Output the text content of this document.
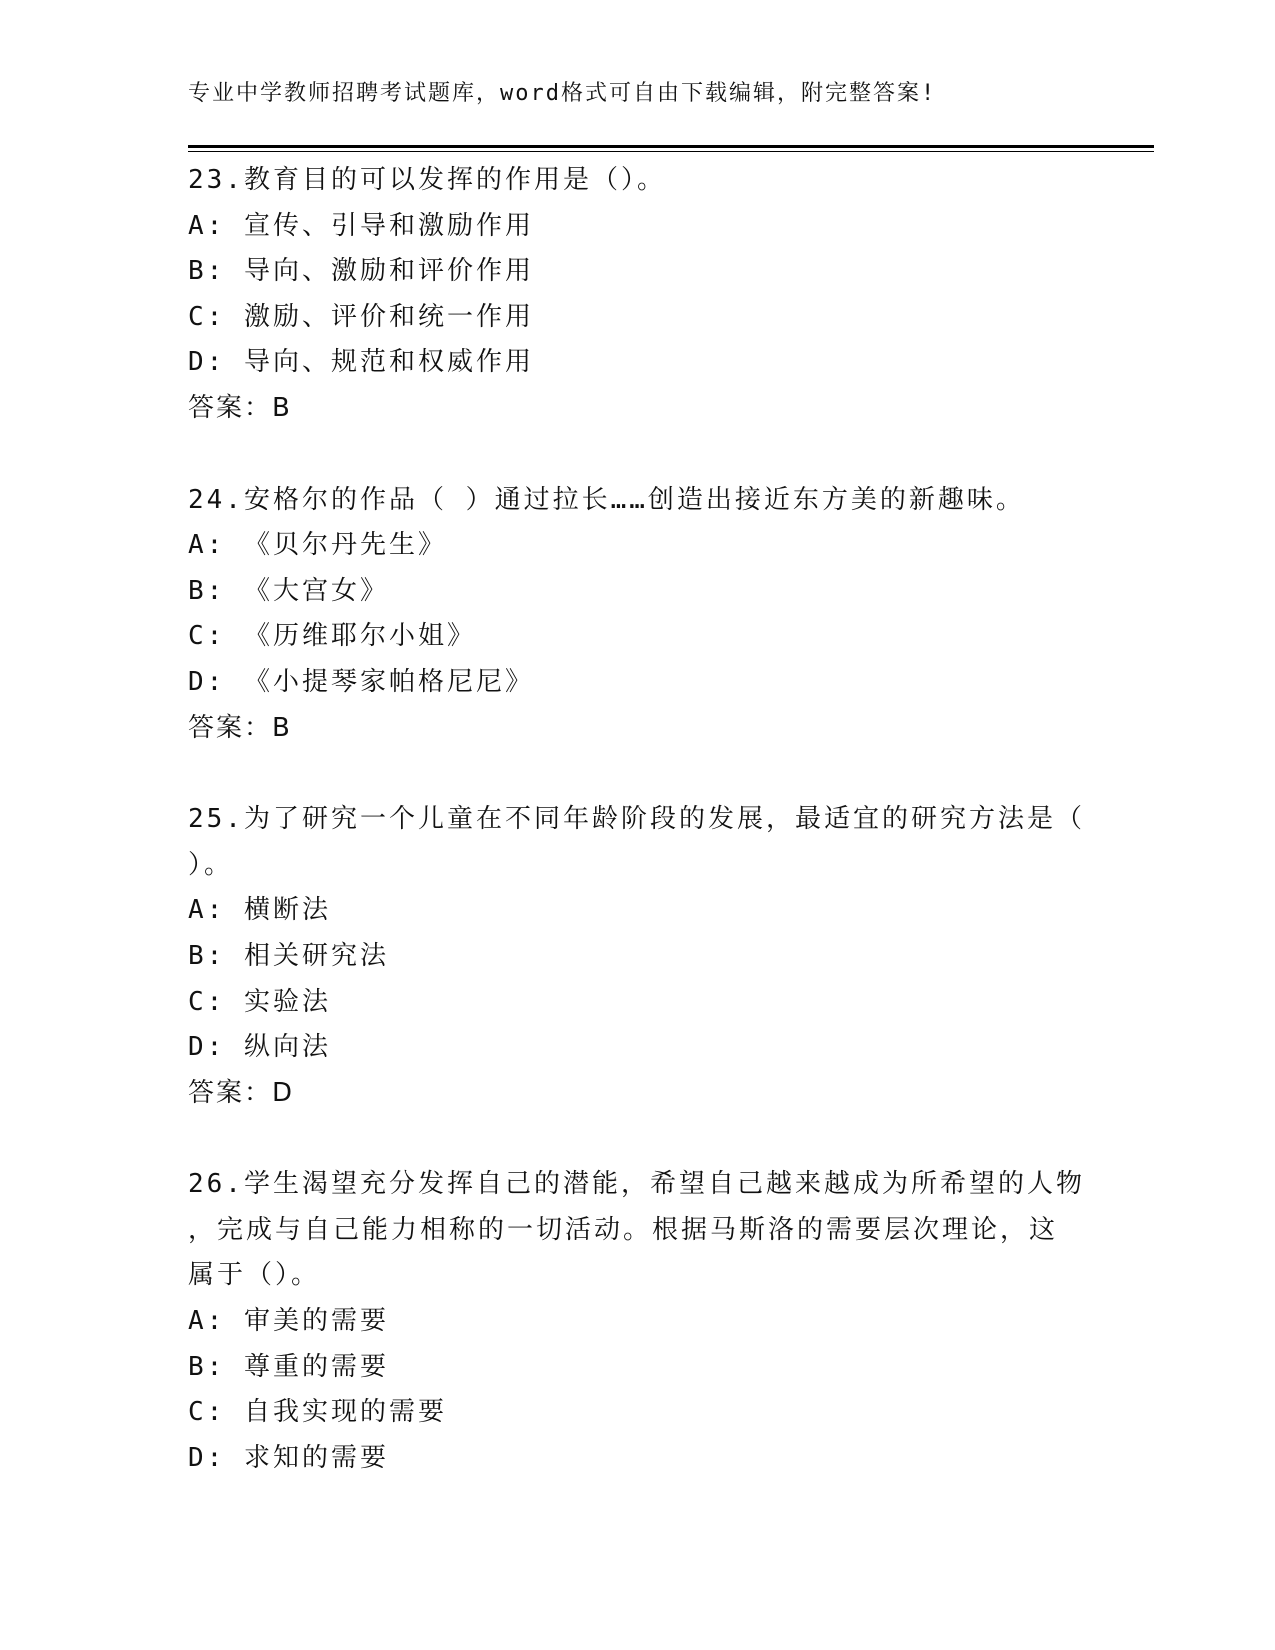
专业中学教师招聘考试题库，word格式可自由下载编辑，附完整答案!
23.教育目的可以发挥的作用是（）。
A: 宣传、引导和激励作用
B: 导向、激励和评价作用
C: 激励、评价和统一作用
D: 导向、规范和权威作用
答案：B
24.安格尔的作品（ ）通过拉长……创造出接近东方美的新趣味。
A: 《贝尔丹先生》
B: 《大宫女》
C: 《历维耶尔小姐》
D: 《小提琴家帕格尼尼》
答案：B
25.为了研究一个儿童在不同年龄阶段的发展，最适宜的研究方法是（
）。
A: 横断法
B: 相关研究法
C: 实验法
D: 纵向法
答案：D
26.学生渴望充分发挥自己的潜能，希望自己越来越成为所希望的人物
，完成与自己能力相称的一切活动。根据马斯洛的需要层次理论，这
属于（）。
A: 审美的需要
B: 尊重的需要
C: 自我实现的需要
D: 求知的需要
